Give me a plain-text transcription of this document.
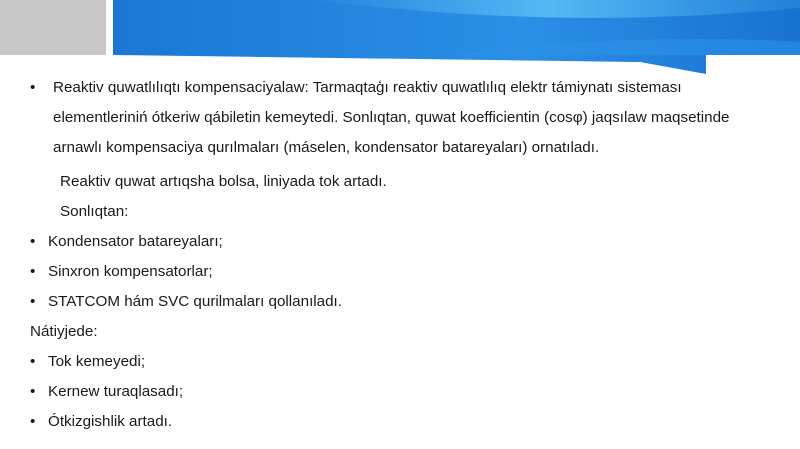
• Reaktiv quwatlılıqtı kompensaciyalaw: Tarmaqtaģı reaktiv quwatlılıq elektr támiynatı sisteması elementleriniń ótkeriw qábiletin kemeytedi. Sonlıqtan, quwat koefficientin (cosφ) jaqsılaw maqsetinde arnawlı kompensaciya qurılmaları (máselen, kondensator batareyaları) ornatıladı.
Reaktiv quwat artıqsha bolsa, liniyada tok artadı.
Sonlıqtan:
• Kondensator batareyaları;
• Sinxron kompensatorlar;
• STATCOM hám SVC qurilmaları qollanıladı.
Nátiyjede:
• Tok kemeyedi;
• Kernew turaqlasadı;
• Ótkizgishlik artadı.
